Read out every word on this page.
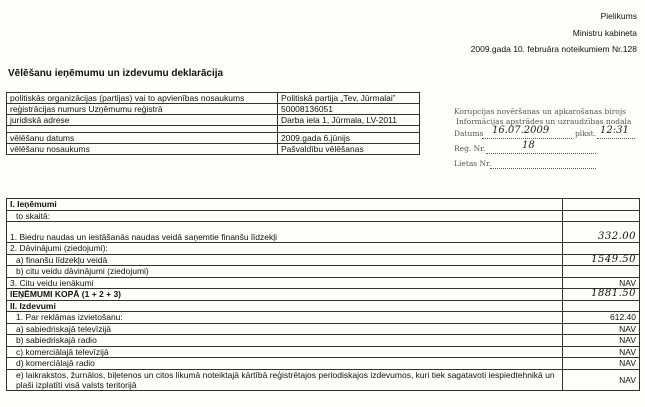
Pielikums
Ministru kabineta
2009.gada 10. februāra noteikumiem Nr.128
Vēlēšanu ieņēmumu un izdevumu deklarācija
politiskās organizācijas (partijas) vai to apvienības nosaukums	Politiskā partija „Tev, Jūrmalai”
reģistrācijas numurs Uzņēmumu reģistrā	50008136051
juridiskā adrese	Darba iela 1, Jūrmala, LV-2011

vēlēšanu datums	2009.gada 6.jūnijs
vēlēšanu nosaukums	Pašvaldību vēlēšanas
Korupcijas novēršanas un apkarošanas birojs
Informācijas apstrādes un uzraudzības nodaļa
Datums 16.07.2009	plkst. 12:31
Reģ. Nr.	18
Lietas Nr.
I. Ieņēmumi	
to skaitā:	
1. Biedru naudas un iestāšanās naudas veidā saņemtie finanšu līdzekļi	332.00
2. Dāvinājumi (ziedojumi):	
a) finanšu līdzekļu veidā	1549.50
b) citu veidu dāvinājumi (ziedojumi)	
3. Citu veidu ienākumi	NAV
IEŅĒMUMI KOPĀ (1 + 2 + 3)	1881.50
II. Izdevumi	
1. Par reklāmas izvietošanu:	612.40
a) sabiedriskajā televīzijā	NAV
b) sabiedriskajā radio	NAV
c) komerciālajā televīzijā	NAV
d) komerciālajā radio	NAV
e) laikrakstos, žurnālos, biļetenos un citos likumā noteiktajā kārtībā reģistrētajos periodiskajos izdevumos, kuri tiek sagatavoti iespiedtehnikā un plaši izplatīti visā valsts teritorijā	NAV
